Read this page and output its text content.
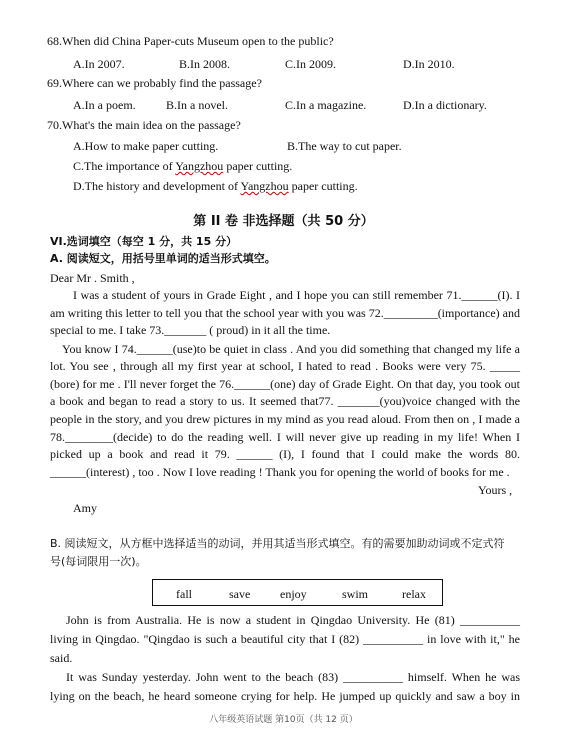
68.When did China Paper-cuts Museum open to the public?
A.In 2007.	B.In 2008.	C.In 2009.	D.In 2010.
69.Where can we probably find the passage?
A.In a poem.	B.In a novel.	C.In a magazine.	D.In a dictionary.
70.What's the main idea on the passage?
A.How to make paper cutting.	B.The way to cut paper.
C.The importance of Yangzhou paper cutting.
D.The history and development of Yangzhou paper cutting.
第 II 卷 非选择题（共 50 分）
VI.选词填空（每空 1 分，共 15 分）
A. 阅读短文，用括号里单词的适当形式填空。
Dear Mr . Smith ,
I was a student of yours in Grade Eight , and I hope you can still remember 71.______(I). I
am writing this letter to tell you that the school year with you was 72._________(importance) and
special to me. I take 73._______ ( proud) in it all the time.
You know I 74.______(use)to be quiet in class . And you did something that changed my life a
lot. You see , through all my first year at school, I hated to read . Books were very 75. _____
(bore) for me . I'll never forget the 76.______(one) day of Grade Eight. On that day, you took out
a book and began to read a story to us. It seemed that77. _______(you)voice changed with the
people in the story, and you drew pictures in my mind as you read aloud. From then on , I made a
78.________(decide) to do the reading well. I will never give up reading in my life! When I
picked up a book and read it 79. ______ (I), I found that I could make the words 80.
______(interest) , too . Now I love reading ! Thank you for opening the world of books for me .
Yours ,
Amy
B. 阅读短文，从方框中选择适当的动词，并用其适当形式填空。有的需要加助动词或不定式符
号(每词限用一次)。
fall	save enjoy	swim	relax
John is from Australia. He is now a student in Qingdao University. He (81) __________
living in Qingdao. "Qingdao is such a beautiful city that I (82) __________ in love with it," he
said.
It was Sunday yesterday. John went to the beach (83) __________ himself. When he was
lying on the beach, he heard someone crying for help. He jumped up quickly and saw a boy in
八年级英语试题 第10页（共 12 页）
